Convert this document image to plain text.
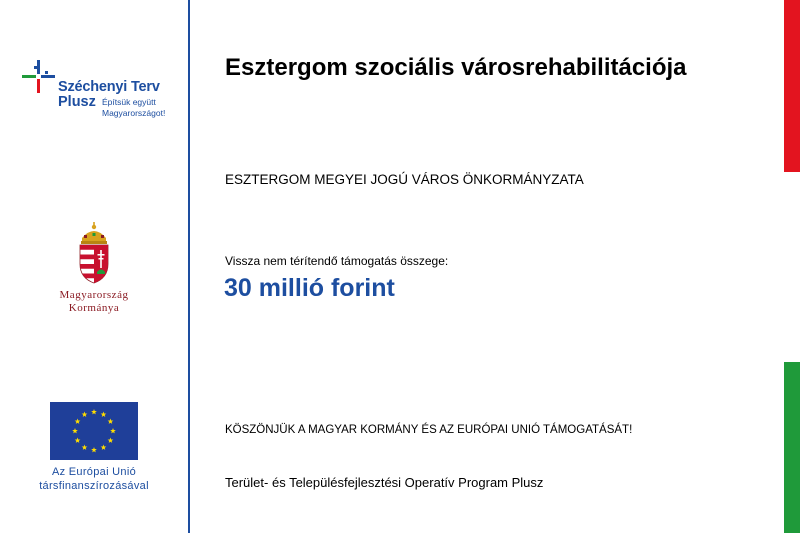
Széchenyi Terv
Plusz Építsük együtt
Magyarországot!
Magyarország
Kormánya
Az Európai Unió
társfinanszírozásával
Esztergom szociális városrehabilitációja
ESZTERGOM MEGYEI JOGÚ VÁROS ÖNKORMÁNYZATA
Vissza nem térítendő támogatás összege:
30 millió forint
KÖSZÖNJÜK A MAGYAR KORMÁNY ÉS AZ EURÓPAI UNIÓ TÁMOGATÁSÁT!
Terület- és Településfejlesztési Operatív Program Plusz
